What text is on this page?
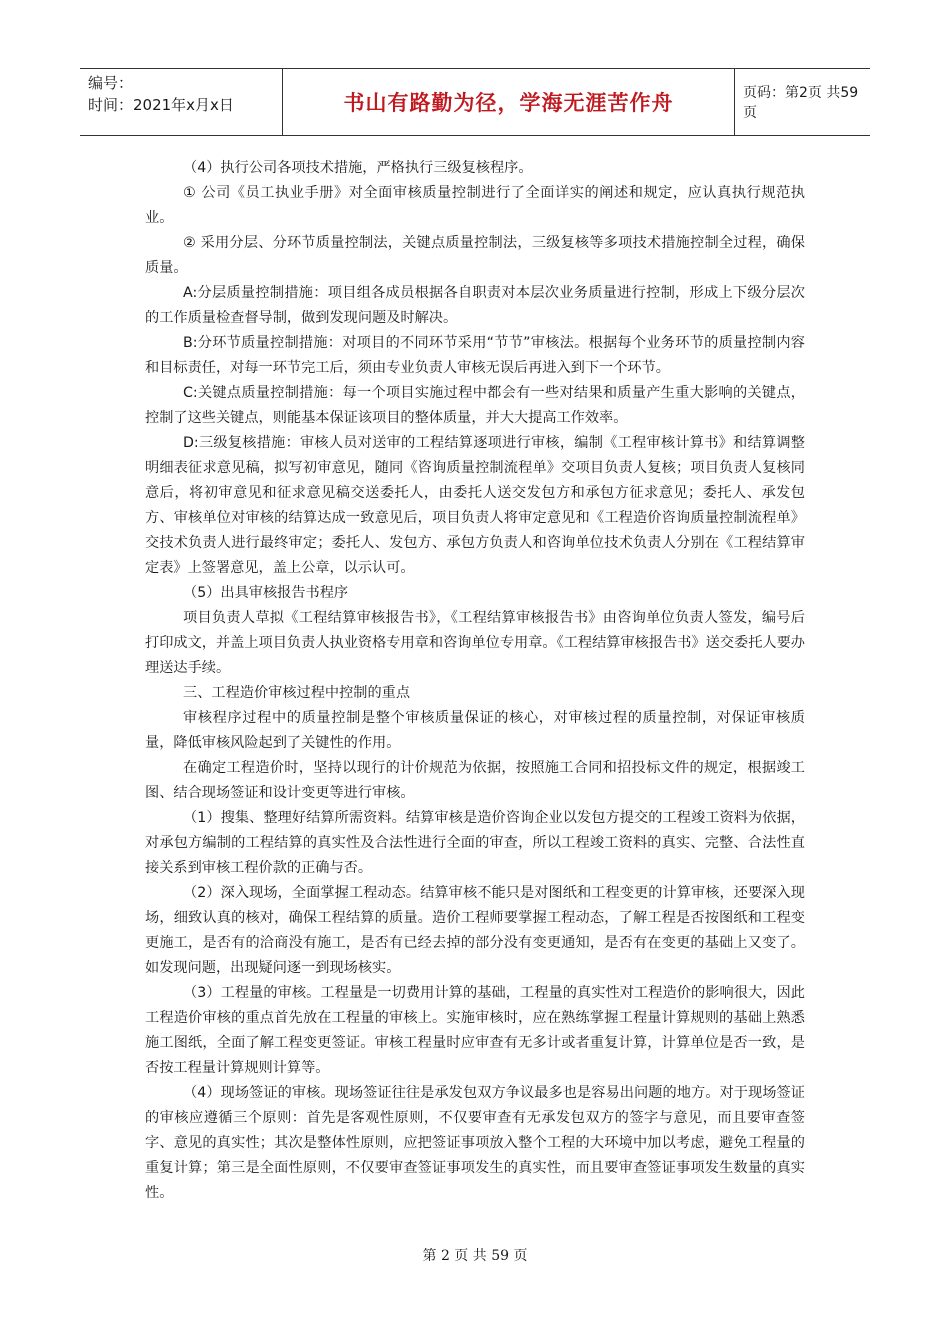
编号：
时间：2021年x月x日	书山有路勤为径，学海无涯苦作舟	页码：第2页 共59页

（4）执行公司各项技术措施，严格执行三级复核程序。

① 公司《员工执业手册》对全面审核质量控制进行了全面详实的阐述和规定，应认真执行规范执业。

② 采用分层、分环节质量控制法，关键点质量控制法，三级复核等多项技术措施控制全过程，确保质量。

A:分层质量控制措施：项目组各成员根据各自职责对本层次业务质量进行控制，形成上下级分层次的工作质量检查督导制，做到发现问题及时解决。

B:分环节质量控制措施：对项目的不同环节采用“节节”审核法。根据每个业务环节的质量控制内容和目标责任，对每一环节完工后，须由专业负责人审核无误后再进入到下一个环节。

C:关键点质量控制措施：每一个项目实施过程中都会有一些对结果和质量产生重大影响的关键点，控制了这些关键点，则能基本保证该项目的整体质量，并大大提高工作效率。

D:三级复核措施：审核人员对送审的工程结算逐项进行审核，编制《工程审核计算书》和结算调整明细表征求意见稿，拟写初审意见，随同《咨询质量控制流程单》交项目负责人复核；项目负责人复核同意后，将初审意见和征求意见稿交送委托人，由委托人送交发包方和承包方征求意见；委托人、承发包方、审核单位对审核的结算达成一致意见后，项目负责人将审定意见和《工程造价咨询质量控制流程单》交技术负责人进行最终审定；委托人、发包方、承包方负责人和咨询单位技术负责人分别在《工程结算审定表》上签署意见，盖上公章，以示认可。

（5）出具审核报告书程序

项目负责人草拟《工程结算审核报告书》，《工程结算审核报告书》由咨询单位负责人签发，编号后打印成文，并盖上项目负责人执业资格专用章和咨询单位专用章。《工程结算审核报告书》送交委托人要办理送达手续。

三、工程造价审核过程中控制的重点

审核程序过程中的质量控制是整个审核质量保证的核心，对审核过程的质量控制，对保证审核质量，降低审核风险起到了关键性的作用。

在确定工程造价时，坚持以现行的计价规范为依据，按照施工合同和招投标文件的规定，根据竣工图、结合现场签证和设计变更等进行审核。

（1）搜集、整理好结算所需资料。结算审核是造价咨询企业以发包方提交的工程竣工资料为依据，对承包方编制的工程结算的真实性及合法性进行全面的审查，所以工程竣工资料的真实、完整、合法性直接关系到审核工程价款的正确与否。

（2）深入现场，全面掌握工程动态。结算审核不能只是对图纸和工程变更的计算审核，还要深入现场，细致认真的核对，确保工程结算的质量。造价工程师要掌握工程动态，了解工程是否按图纸和工程变更施工，是否有的洽商没有施工，是否有已经去掉的部分没有变更通知，是否有在变更的基础上又变了。如发现问题，出现疑问逐一到现场核实。

（3）工程量的审核。工程量是一切费用计算的基础，工程量的真实性对工程造价的影响很大，因此工程造价审核的重点首先放在工程量的审核上。实施审核时，应在熟练掌握工程量计算规则的基础上熟悉施工图纸，全面了解工程变更签证。审核工程量时应审查有无多计或者重复计算，计算单位是否一致，是否按工程量计算规则计算等。

（4）现场签证的审核。现场签证往往是承发包双方争议最多也是容易出问题的地方。对于现场签证的审核应遵循三个原则：首先是客观性原则，不仅要审查有无承发包双方的签字与意见，而且要审查签字、意见的真实性；其次是整体性原则，应把签证事项放入整个工程的大环境中加以考虑，避免工程量的重复计算；第三是全面性原则，不仅要审查签证事项发生的真实性，而且要审查签证事项发生数量的真实性。

第 2 页 共 59 页
